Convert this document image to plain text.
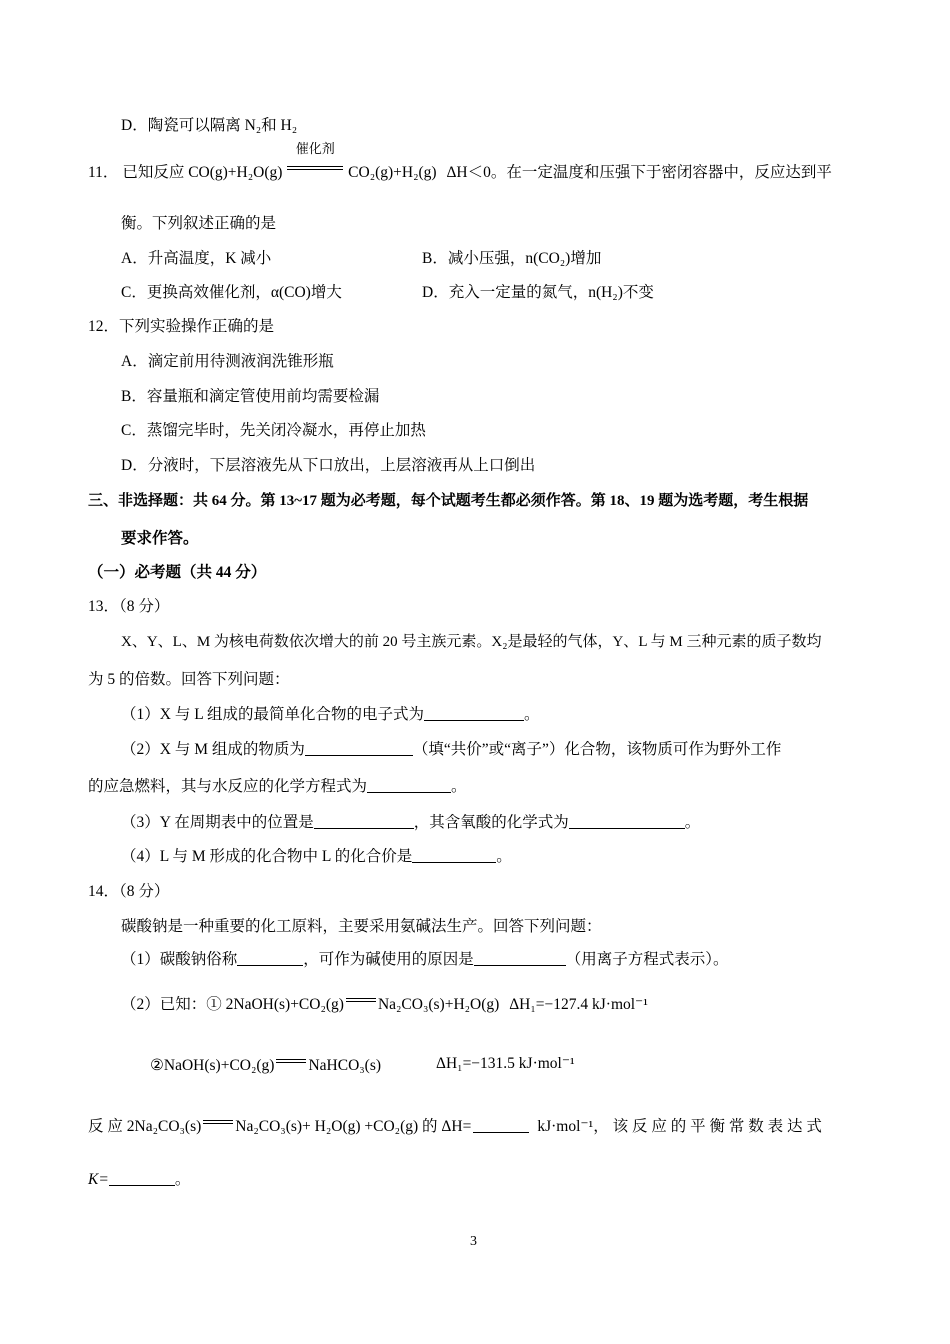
D．陶瓷可以隔离 N₂和 H₂
11． 已知反应 CO(g)+H₂O(g)
催化剂
CO₂(g)+H₂(g) ΔH＜0。在一定温度和压强下于密闭容器中，反应达到平
衡。下列叙述正确的是
A．升高温度，K 减小	B．减小压强，n(CO₂)增加
C．更换高效催化剂，α(CO)增大	D．充入一定量的氮气，n(H₂)不变
12．下列实验操作正确的是
A．滴定前用待测液润洗锥形瓶
B．容量瓶和滴定管使用前均需要检漏
C．蒸馏完毕时，先关闭冷凝水，再停止加热
D．分液时，下层溶液先从下口放出，上层溶液再从上口倒出
三、非选择题：共 64 分。第 13~17 题为必考题，每个试题考生都必须作答。第 18、19 题为选考题，考生根据
要求作答。
（一）必考题（共 44 分）
13．（8 分）
X、Y、L、M 为核电荷数依次增大的前 20 号主族元素。X₂是最轻的气体，Y、L 与 M 三种元素的质子数均
为 5 的倍数。回答下列问题：
（1）X 与 L 组成的最简单化合物的电子式为	。
（2）X 与 M 组成的物质为	（填“共价”或“离子”）化合物，该物质可作为野外工作
的应急燃料，其与水反应的化学方程式为	。
（3）Y 在周期表中的位置是	，其含氧酸的化学式为	。
（4）L 与 M 形成的化合物中 L 的化合价是	。
14．（8 分）
碳酸钠是一种重要的化工原料，主要采用氨碱法生产。回答下列问题：
（1）碳酸钠俗称	，可作为碱使用的原因是	（用离子方程式表示）。
（2）已知：① 2NaOH(s)+CO₂(g) Na₂CO₃(s)+H₂O(g) ΔH₁=−127.4 kJ·mol⁻¹
②NaOH(s)+CO₂(g) NaHCO₃(s)	ΔH₁=−131.5 kJ·mol⁻¹
反 应 2Na₂CO₃(s) Na₂CO₃(s)+ H₂O(g) +CO₂(g) 的 ΔH=	kJ·mol⁻¹， 该 反 应 的 平 衡 常 数 表 达 式
K=	。
3
